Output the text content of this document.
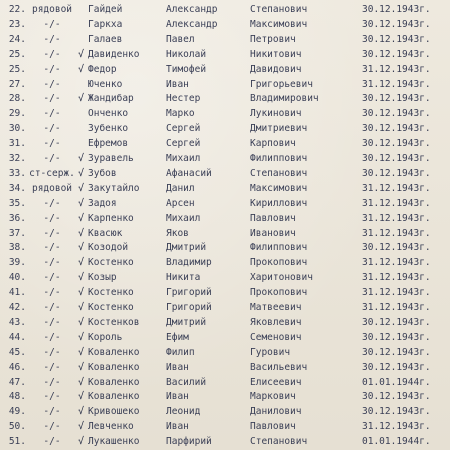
22. рядовой	Гайдей	Александр	Степанович	30.12.1943г.
23.	-/-	Гаркха	Александр	Максимович	30.12.1943г.
24.	-/-	Галаев	Павел	Петрович	30.12.1943г.
25.	-/-	√ Давиденко	Николай	Никитович	30.12.1943г.
25.	-/-	√ Федор	Тимофей	Давидович	31.12.1943г.
27.	-/-	Юченко	Иван	Григорьевич	31.12.1943г.
28.	-/-	√ Жандибар	Нестер	Владимирович	30.12.1943г.
29.	-/-	Онченко	Марко	Лукинович	30.12.1943г.
30.	-/-	Зубенко	Сергей	Дмитриевич	30.12.1943г.
31.	-/-	Ефремов	Сергей	Карпович	30.12.1943г.
32.	-/-	√ Зуравель	Михаил	Филиппович	30.12.1943г.
33. ст-серж. √ Зубов	Афанасий	Степанович	30.12.1943г.
34. рядовой √ Закутайло	Данил	Максимович	31.12.1943г.
35.	-/-	√ Задоя	Арсен	Кириллович	31.12.1943г.
36.	-/-	√ Карпенко	Михаил	Павлович	31.12.1943г.
37.	-/-	√ Квасюк	Яков	Иванович	31.12.1943г.
38.	-/-	√ Козодой	Дмитрий	Филиппович	30.12.1943г.
39.	-/-	√ Костенко	Владимир	Прокопович	31.12.1943г.
40.	-/-	√ Козыр	Никита	Харитонович	31.12.1943г.
41.	-/-	√ Костенко	Григорий	Прокопович	31.12.1943г.
42.	-/-	√ Костенко	Григорий	Матвеевич	31.12.1943г.
43.	-/-	√ Костенков	Дмитрий	Яковлевич	30.12.1943г.
44.	-/-	√ Король	Ефим	Семенович	30.12.1943г.
45.	-/-	√ Коваленко	Филип	Гурович	30.12.1943г.
46.	-/-	√ Коваленко	Иван	Васильевич	30.12.1943г.
47.	-/-	√ Коваленко	Василий	Елисеевич	01.01.1944г.
48.	-/-	√ Коваленко	Иван	Маркович	30.12.1943г.
49.	-/-	√ Кривошеко	Леонид	Данилович	30.12.1943г.
50.	-/-	√ Левченко	Иван	Павлович	31.12.1943г.
51.	-/-	√ Лукашенко	Парфирий	Степанович	01.01.1944г.
